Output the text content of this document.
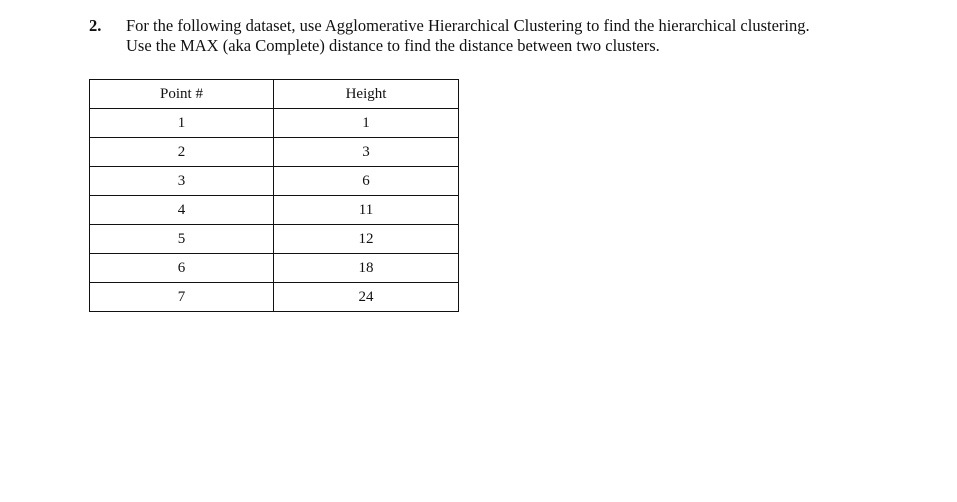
2. For the following dataset, use Agglomerative Hierarchical Clustering to find the hierarchical clustering.
Use the MAX (aka Complete) distance to find the distance between two clusters.
Point #	Height
1	1
2	3
3	6
4	11
5	12
6	18
7	24
